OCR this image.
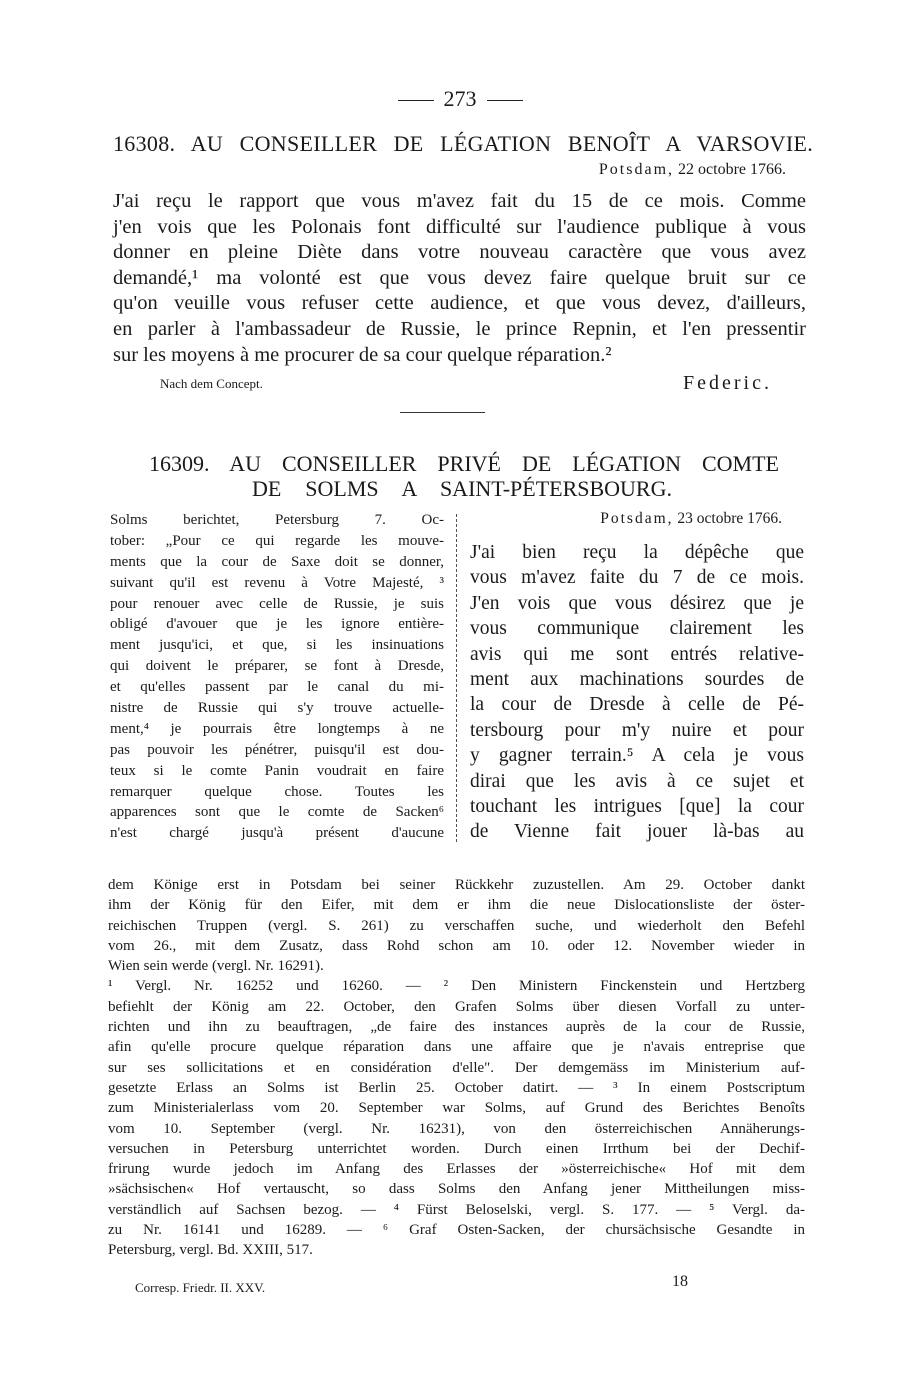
273
16308. AU CONSEILLER DE LÉGATION BENOÎT A VARSOVIE.
Potsdam, 22 octobre 1766.
J'ai reçu le rapport que vous m'avez fait du 15 de ce mois. Comme
j'en vois que les Polonais font difficulté sur l'audience publique à vous
donner en pleine Diète dans votre nouveau caractère que vous avez
demandé,¹ ma volonté est que vous devez faire quelque bruit sur ce
qu'on veuille vous refuser cette audience, et que vous devez, d'ailleurs,
en parler à l'ambassadeur de Russie, le prince Repnin, et l'en pressentir
sur les moyens à me procurer de sa cour quelque réparation.²
Nach dem Concept.	Federic.
16309. AU CONSEILLER PRIVÉ DE LÉGATION COMTE
DE SOLMS A SAINT-PÉTERSBOURG.
Solms berichtet, Petersburg 7. Oc-
tober: „Pour ce qui regarde les mouve-
ments que la cour de Saxe doit se donner,
suivant qu'il est revenu à Votre Majesté, ³
pour renouer avec celle de Russie, je suis
obligé d'avouer que je les ignore entière-
ment jusqu'ici, et que, si les insinuations
qui doivent le préparer, se font à Dresde,
et qu'elles passent par le canal du mi-
nistre de Russie qui s'y trouve actuelle-
ment,⁴ je pourrais être longtemps à ne
pas pouvoir les pénétrer, puisqu'il est dou-
teux si le comte Panin voudrait en faire
remarquer quelque chose. Toutes les
apparences sont que le comte de Sacken⁶
n'est chargé jusqu'à présent d'aucune
Potsdam, 23 octobre 1766.
J'ai bien reçu la dépêche que
vous m'avez faite du 7 de ce mois.
J'en vois que vous désirez que je
vous communique clairement les
avis qui me sont entrés relative-
ment aux machinations sourdes de
la cour de Dresde à celle de Pé-
tersbourg pour m'y nuire et pour
y gagner terrain.⁵ A cela je vous
dirai que les avis à ce sujet et
touchant les intrigues [que] la cour
de Vienne fait jouer là-bas au
dem Könige erst in Potsdam bei seiner Rückkehr zuzustellen. Am 29. October dankt
ihm der König für den Eifer, mit dem er ihm die neue Dislocationsliste der öster-
reichischen Truppen (vergl. S. 261) zu verschaffen suche, und wiederholt den Befehl
vom 26., mit dem Zusatz, dass Rohd schon am 10. oder 12. November wieder in
Wien sein werde (vergl. Nr. 16291).
¹ Vergl. Nr. 16252 und 16260. — ² Den Ministern Finckenstein und Hertzberg
befiehlt der König am 22. October, den Grafen Solms über diesen Vorfall zu unter-
richten und ihn zu beauftragen, „de faire des instances auprès de la cour de Russie,
afin qu'elle procure quelque réparation dans une affaire que je n'avais entreprise que
sur ses sollicitations et en considération d'elle". Der demgemäss im Ministerium auf-
gesetzte Erlass an Solms ist Berlin 25. October datirt. — ³ In einem Postscriptum
zum Ministerialerlass vom 20. September war Solms, auf Grund des Berichtes Benoîts
vom 10. September (vergl. Nr. 16231), von den österreichischen Annäherungs-
versuchen in Petersburg unterrichtet worden. Durch einen Irrthum bei der Dechif-
frirung wurde jedoch im Anfang des Erlasses der »österreichische« Hof mit dem
»sächsischen« Hof vertauscht, so dass Solms den Anfang jener Mittheilungen miss-
verständlich auf Sachsen bezog. — ⁴ Fürst Beloselski, vergl. S. 177. — ⁵ Vergl. da-
zu Nr. 16141 und 16289. — ⁶ Graf Osten-Sacken, der chursächsische Gesandte in
Petersburg, vergl. Bd. XXIII, 517.
Corresp. Friedr. II. XXV.	18
